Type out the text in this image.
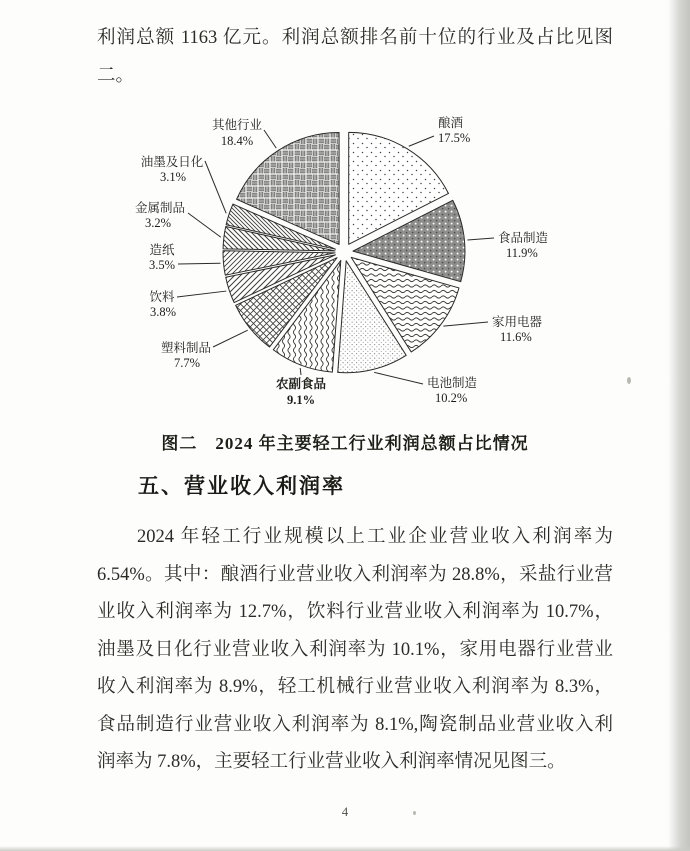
利润总额 1163 亿元。利润总额排名前十位的行业及占比见图
二。
酿酒
17.5%
食品制造
11.9%
家用电器
11.6%
电池制造
10.2%
农副食品
9.1%
塑料制品
7.7%
饮料
3.8%
造纸
3.5%
金属制品
3.2%
油墨及日化
3.1%
其他行业
18.4%
图二　2024 年主要轻工行业利润总额占比情况
五、营业收入利润率
2024 年轻工行业规模以上工业企业营业收入利润率为
6.54%。其中：酿酒行业营业收入利润率为 28.8%，采盐行业营
业收入利润率为 12.7%，饮料行业营业收入利润率为 10.7%，
油墨及日化行业营业收入利润率为 10.1%，家用电器行业营业
收入利润率为 8.9%，轻工机械行业营业收入利润率为 8.3%，
食品制造行业营业收入利润率为 8.1%,陶瓷制品业营业收入利
润率为 7.8%，主要轻工行业营业收入利润率情况见图三。
4
